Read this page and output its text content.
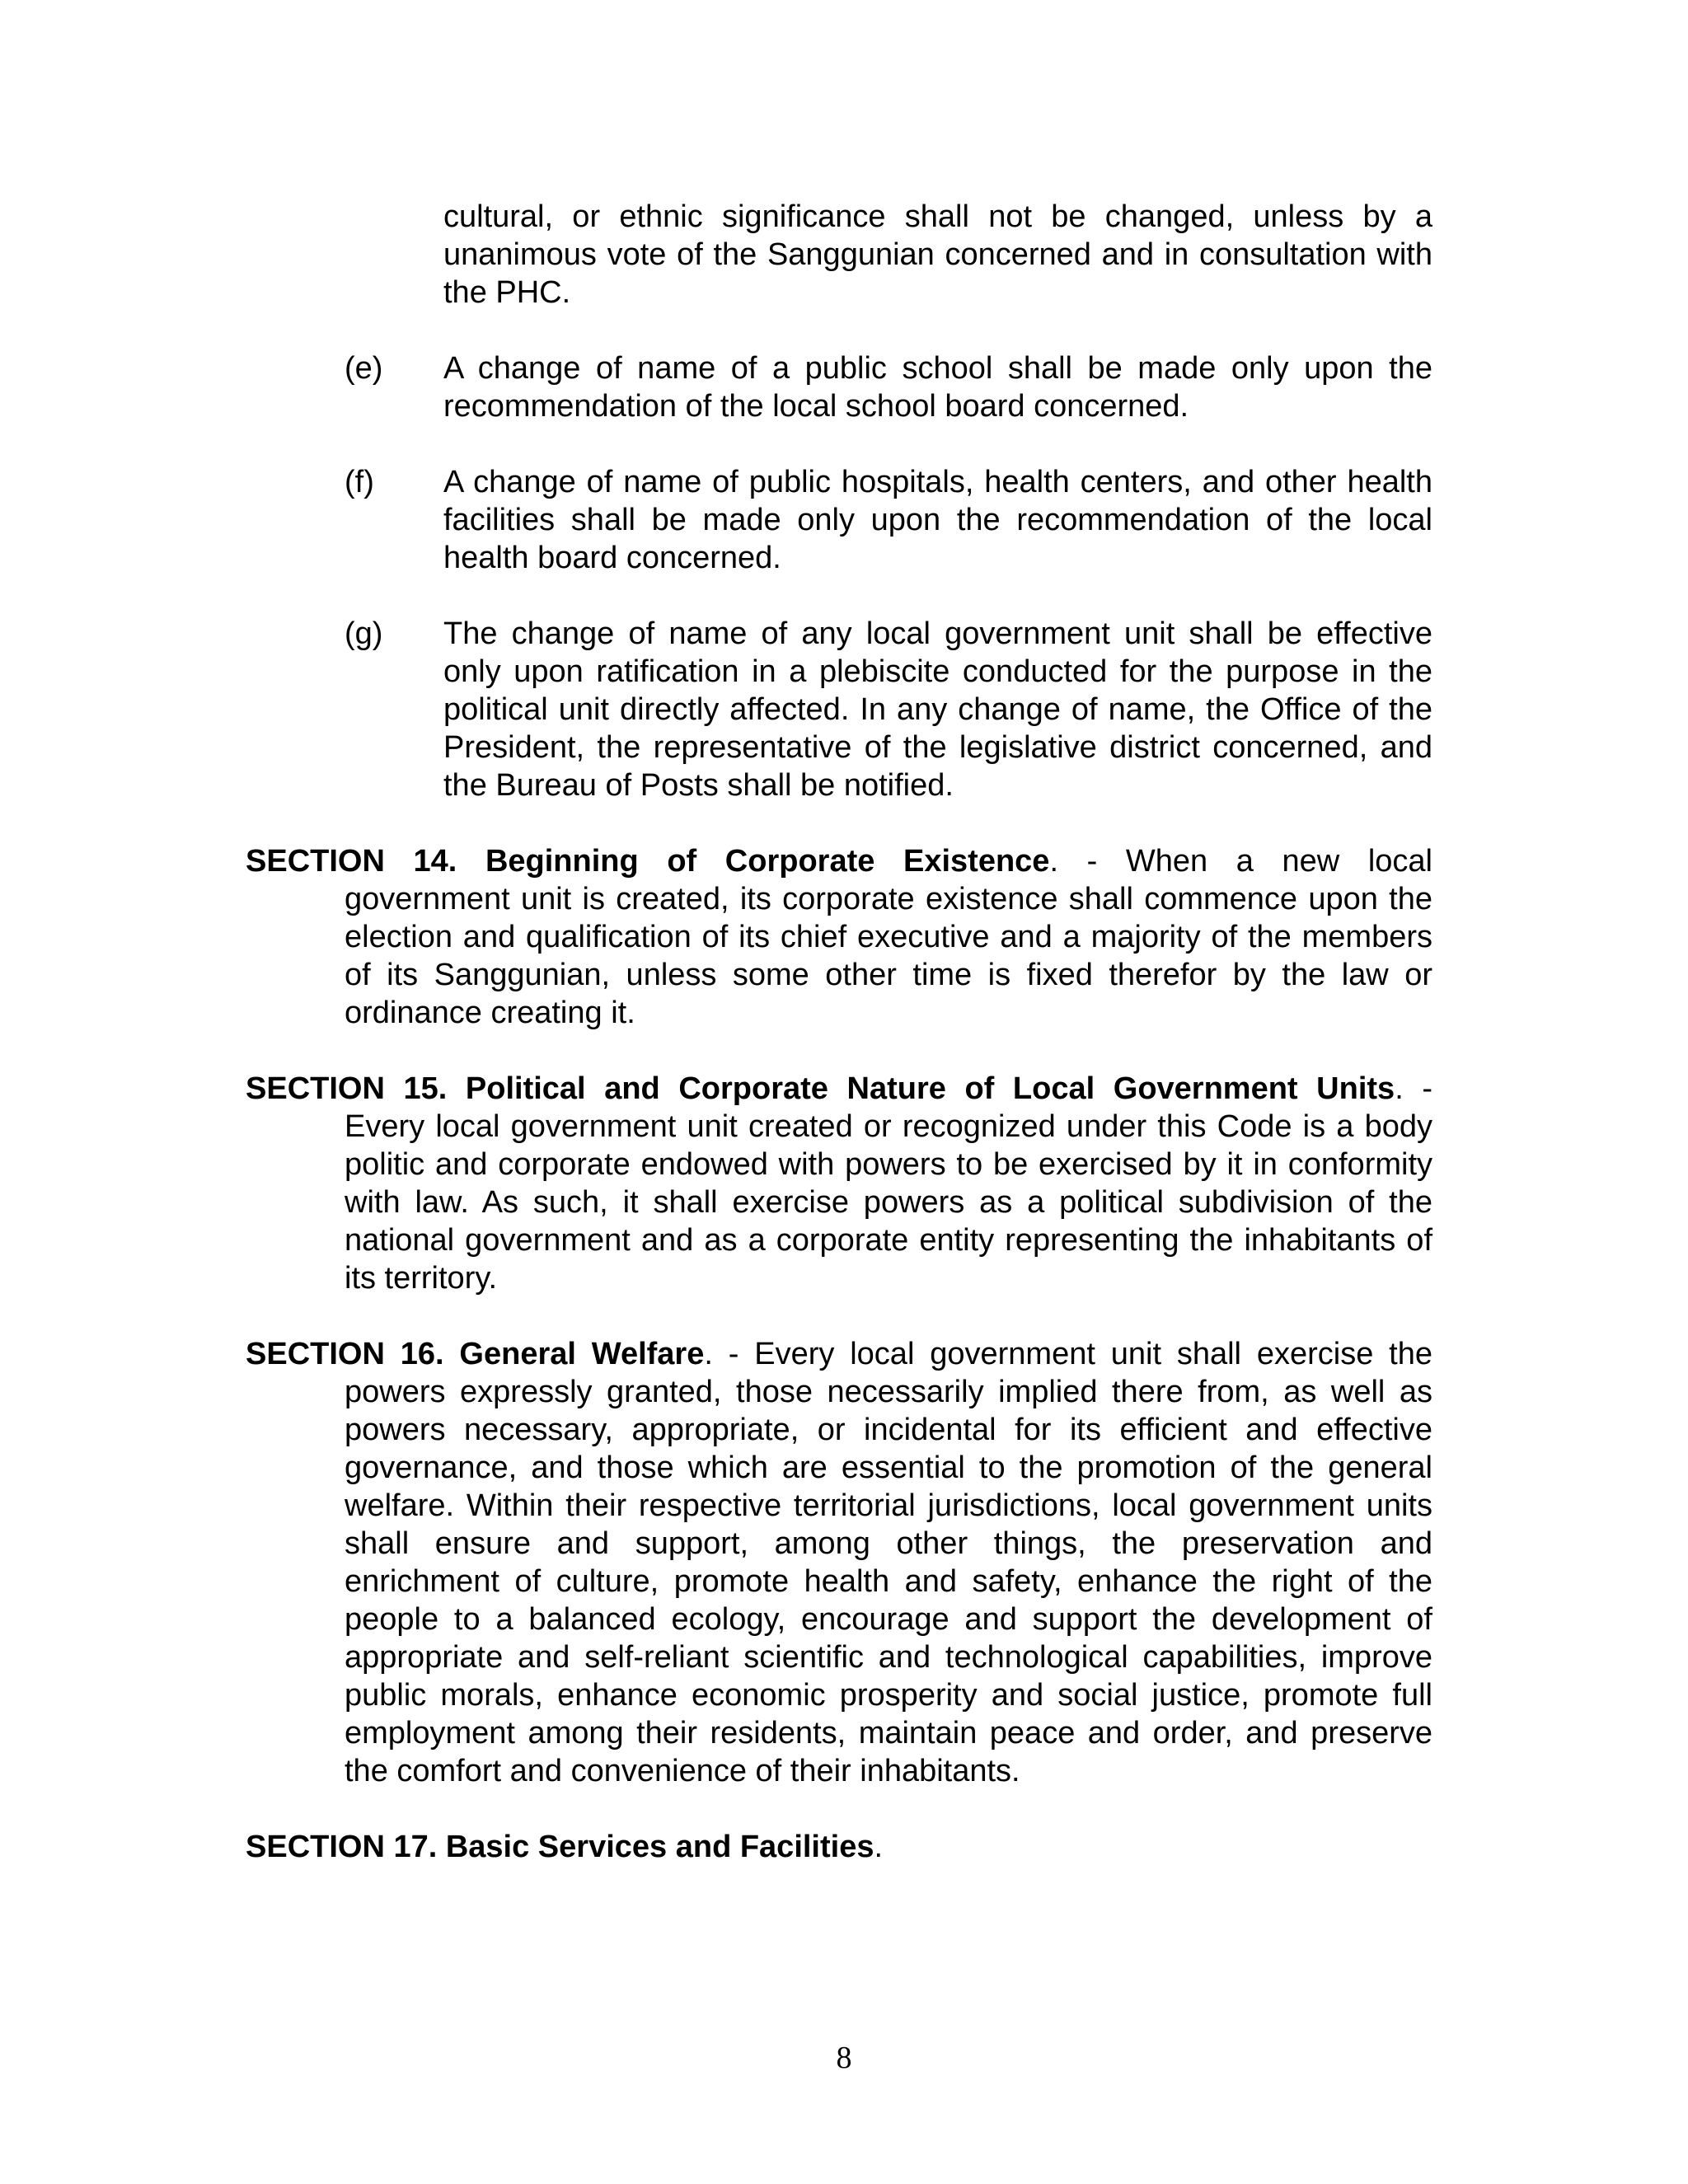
cultural, or ethnic significance shall not be changed, unless by a unanimous vote of the Sanggunian concerned and in consultation with the PHC.

(e) A change of name of a public school shall be made only upon the recommendation of the local school board concerned.
(f) A change of name of public hospitals, health centers, and other health facilities shall be made only upon the recommendation of the local health board concerned.
(g) The change of name of any local government unit shall be effective only upon ratification in a plebiscite conducted for the purpose in the political unit directly affected. In any change of name, the Office of the President, the representative of the legislative district concerned, and the Bureau of Posts shall be notified.
SECTION 14. Beginning of Corporate Existence. - When a new local
government unit is created, its corporate existence shall commence upon the election and qualification of its chief executive and a majority of the members of its Sanggunian, unless some other time is fixed therefor by the law or ordinance creating it.
SECTION 15. Political and Corporate Nature of Local Government Units. -
Every local government unit created or recognized under this Code is a body politic and corporate endowed with powers to be exercised by it in conformity with law. As such, it shall exercise powers as a political subdivision of the national government and as a corporate entity representing the inhabitants of its territory.
SECTION 16. General Welfare. - Every local government unit shall exercise the
powers expressly granted, those necessarily implied there from, as well as powers necessary, appropriate, or incidental for its efficient and effective governance, and those which are essential to the promotion of the general welfare. Within their respective territorial jurisdictions, local government units shall ensure and support, among other things, the preservation and enrichment of culture, promote health and safety, enhance the right of the people to a balanced ecology, encourage and support the development of appropriate and self-reliant scientific and technological capabilities, improve public morals, enhance economic prosperity and social justice, promote full employment among their residents, maintain peace and order, and preserve the comfort and convenience of their inhabitants.
SECTION 17. Basic Services and Facilities.
8
